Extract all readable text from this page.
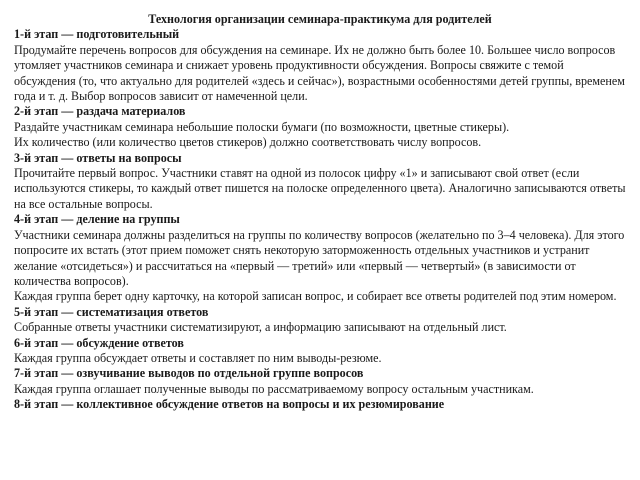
Технология организации семинара-практикума для родителей

1-й этап — подготовительный

Продумайте перечень вопросов для обсуждения на семинаре. Их не должно быть более 10. Большее число вопросов утомляет участников семинара и снижает уровень продуктивности обсуждения. Вопросы свяжите с темой обсуждения (то, что актуально для родителей «здесь и сейчас»), возрастными особенностями детей группы, временем года и т. д. Выбор вопросов зависит от намеченной цели.

2-й этап — раздача материалов

Раздайте участникам семинара небольшие полоски бумаги (по возможности, цветные стикеры).

Их количество (или количество цветов стикеров) должно соответствовать числу вопросов.

3-й этап — ответы на вопросы

Прочитайте первый вопрос. Участники ставят на одной из полосок цифру «1» и записывают свой ответ (если используются стикеры, то каждый ответ пишется на полоске определенного цвета). Аналогично записываются ответы на все остальные вопросы.

4-й этап — деление на группы

Участники семинара должны разделиться на группы по количеству вопросов (желательно по 3–4 человека). Для этого попросите их встать (этот прием поможет снять некоторую заторможенность отдельных участников и устранит желание «отсидеться») и рассчитаться на «первый — третий» или «первый — четвертый» (в зависимости от количества вопросов).

Каждая группа берет одну карточку, на которой записан вопрос, и собирает все ответы родителей под этим номером.

5-й этап — систематизация ответов

Собранные ответы участники систематизируют, а информацию записывают на отдельный лист.

6-й этап — обсуждение ответов

Каждая группа обсуждает ответы и составляет по ним выводы-резюме.

7-й этап — озвучивание выводов по отдельной группе вопросов

Каждая группа оглашает полученные выводы по рассматриваемому вопросу остальным участникам.

8-й этап — коллективное обсуждение ответов на вопросы и их резюмирование
